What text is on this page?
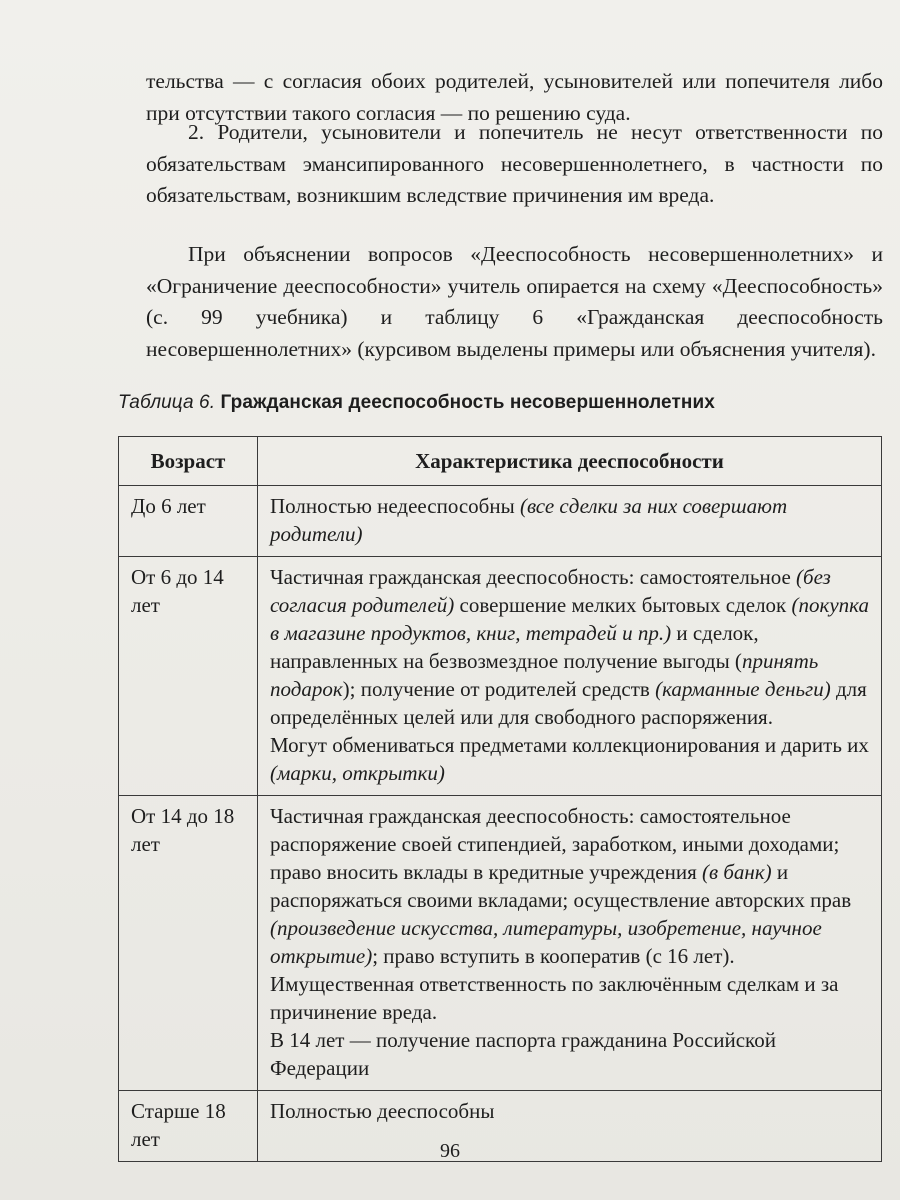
тельства — с согласия обоих родителей, усыновителей или попечителя либо при отсутствии такого согласия — по решению суда.
2. Родители, усыновители и попечитель не несут ответственности по обязательствам эмансипированного несовершеннолетнего, в частности по обязательствам, возникшим вследствие причинения им вреда.
При объяснении вопросов «Дееспособность несовершеннолетних» и «Ограничение дееспособности» учитель опирается на схему «Дееспособность» (с. 99 учебника) и таблицу 6 «Гражданская дееспособность несовершеннолетних» (курсивом выделены примеры или объяснения учителя).
Таблица 6. Гражданская дееспособность несовершеннолетних
Возраст	Характеристика дееспособности
До 6 лет	Полностью недееспособны (все сделки за них совершают родители)

От 6 до 14 лет	Частичная гражданская дееспособность: самостоятельное (без согласия родителей) совершение мелких бытовых сделок (покупка в магазине продуктов, книг, тетрадей и пр.) и сделок, направленных на безвозмездное получение выгоды (принять подарок); получение от родителей средств (карманные деньги) для определённых целей или для свободного распоряжения.
Могут обмениваться предметами коллекционирования и дарить их (марки, открытки)

От 14 до 18 лет	Частичная гражданская дееспособность: самостоятельное распоряжение своей стипендией, заработком, иными доходами; право вносить вклады в кредитные учреждения (в банк) и распоряжаться своими вкладами; осуществление авторских прав (произведение искусства, литературы, изобретение, научное открытие); право вступить в кооператив (с 16 лет). Имущественная ответственность по заключённым сделкам и за причинение вреда.
В 14 лет — получение паспорта гражданина Российской Федерации

Старше 18 лет	Полностью дееспособны
96
